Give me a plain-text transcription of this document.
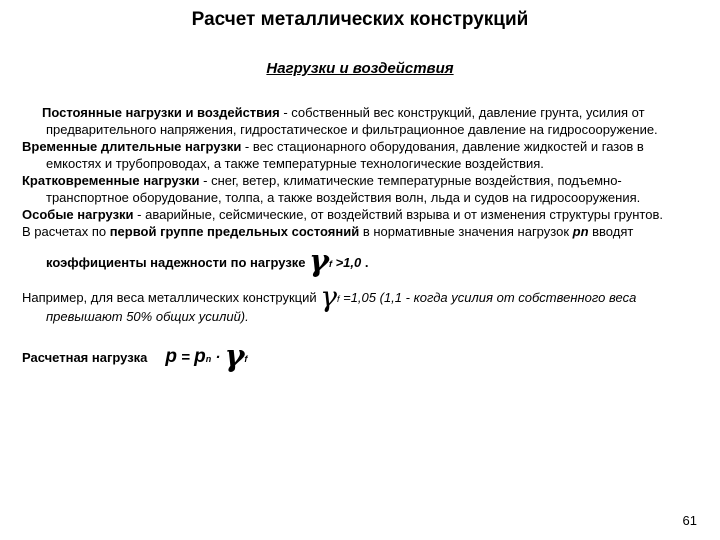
Расчет металлических конструкций
Нагрузки и воздействия

Постоянные нагрузки и воздействия - собственный вес конструкций, давление грунта, усилия от предварительного напряжения, гидростатическое и фильтрационное давление на гидросооружение.

Временные длительные нагрузки - вес стационарного оборудования, давление жидкостей и газов в емкостях и трубопроводах, а также температурные технологические воздействия.

Кратковременные нагрузки - снег, ветер, климатические температурные воздействия, подъемно-транспортное оборудование, толпа, а также воздействия волн, льда и судов на гидросооружения.

Особые нагрузки - аварийные, сейсмические, от воздействий взрыва и от изменения структуры грунтов.

В расчетах по первой группе предельных состояний в нормативные значения нагрузок pn вводят

коэффициенты надежности по нагрузке γf >1,0 .

Например, для веса металлических конструкций γf =1,05 (1,1 - когда усилия от собственного веса превышают 50% общих усилий).

Расчетная нагрузка p = pn · γf

61
